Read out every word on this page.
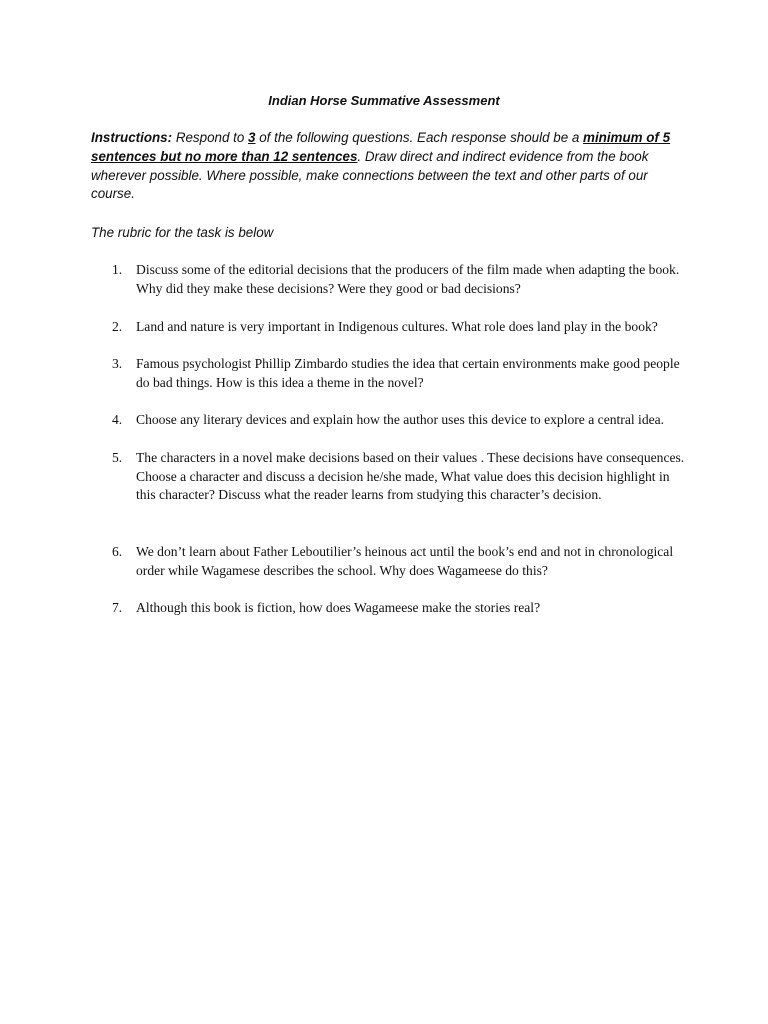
Indian Horse Summative Assessment
Instructions: Respond to 3 of the following questions. Each response should be a minimum of 5 sentences but no more than 12 sentences. Draw direct and indirect evidence from the book wherever possible. Where possible, make connections between the text and other parts of our course.
The rubric for the task is below
1.	Discuss some of the editorial decisions that the producers of the film made when adapting the book. Why did they make these decisions? Were they good or bad decisions?
2.	Land and nature is very important in Indigenous cultures. What role does land play in the book?
3.	Famous psychologist Phillip Zimbardo studies the idea that certain environments make good people do bad things. How is this idea a theme in the novel?
4.	Choose any literary devices and explain how the author uses this device to explore a central idea.
5.	The characters in a novel make decisions based on their values . These decisions have consequences. Choose a character and discuss a decision he/she made, What value does this decision highlight in this character? Discuss what the reader learns from studying this character’s decision.
6.	We don’t learn about Father Leboutilier’s heinous act until the book’s end and not in chronological order while Wagamese describes the school. Why does Wagameese do this?
7.	Although this book is fiction, how does Wagameese make the stories real?
